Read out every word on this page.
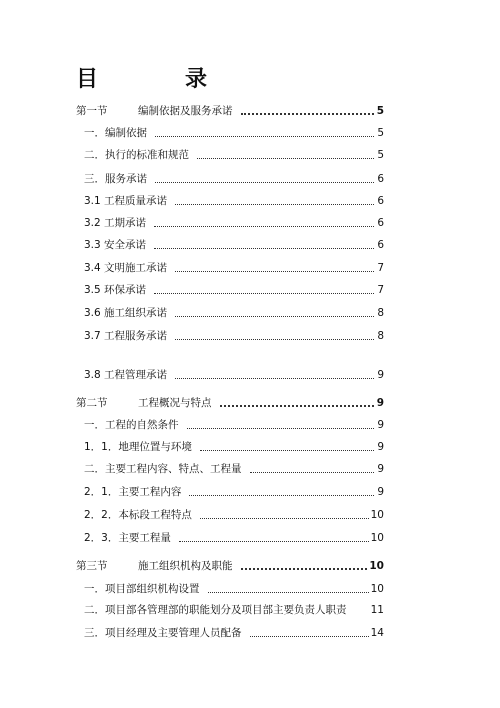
目	录
第一节	编制依据及服务承诺	5
一．编制依据	5
二．执行的标准和规范	5
三．服务承诺	6
3.1 工程质量承诺	6
3.2 工期承诺	6
3.3 安全承诺	6
3.4 文明施工承诺	7
3.5 环保承诺	7
3.6 施工组织承诺	8
3.7 工程服务承诺	8
3.8 工程管理承诺	9
第二节	工程概况与特点	9
一．工程的自然条件	9
1．1．地理位置与环境	9
二．主要工程内容、特点、工程量	9
2．1．主要工程内容	9
2．2．本标段工程特点	10
2．3．主要工程量	10
第三节	施工组织机构及职能	10
一．项目部组织机构设置	10
二．项目部各管理部的职能划分及项目部主要负责人职责 11
三．项目经理及主要管理人员配备	14
